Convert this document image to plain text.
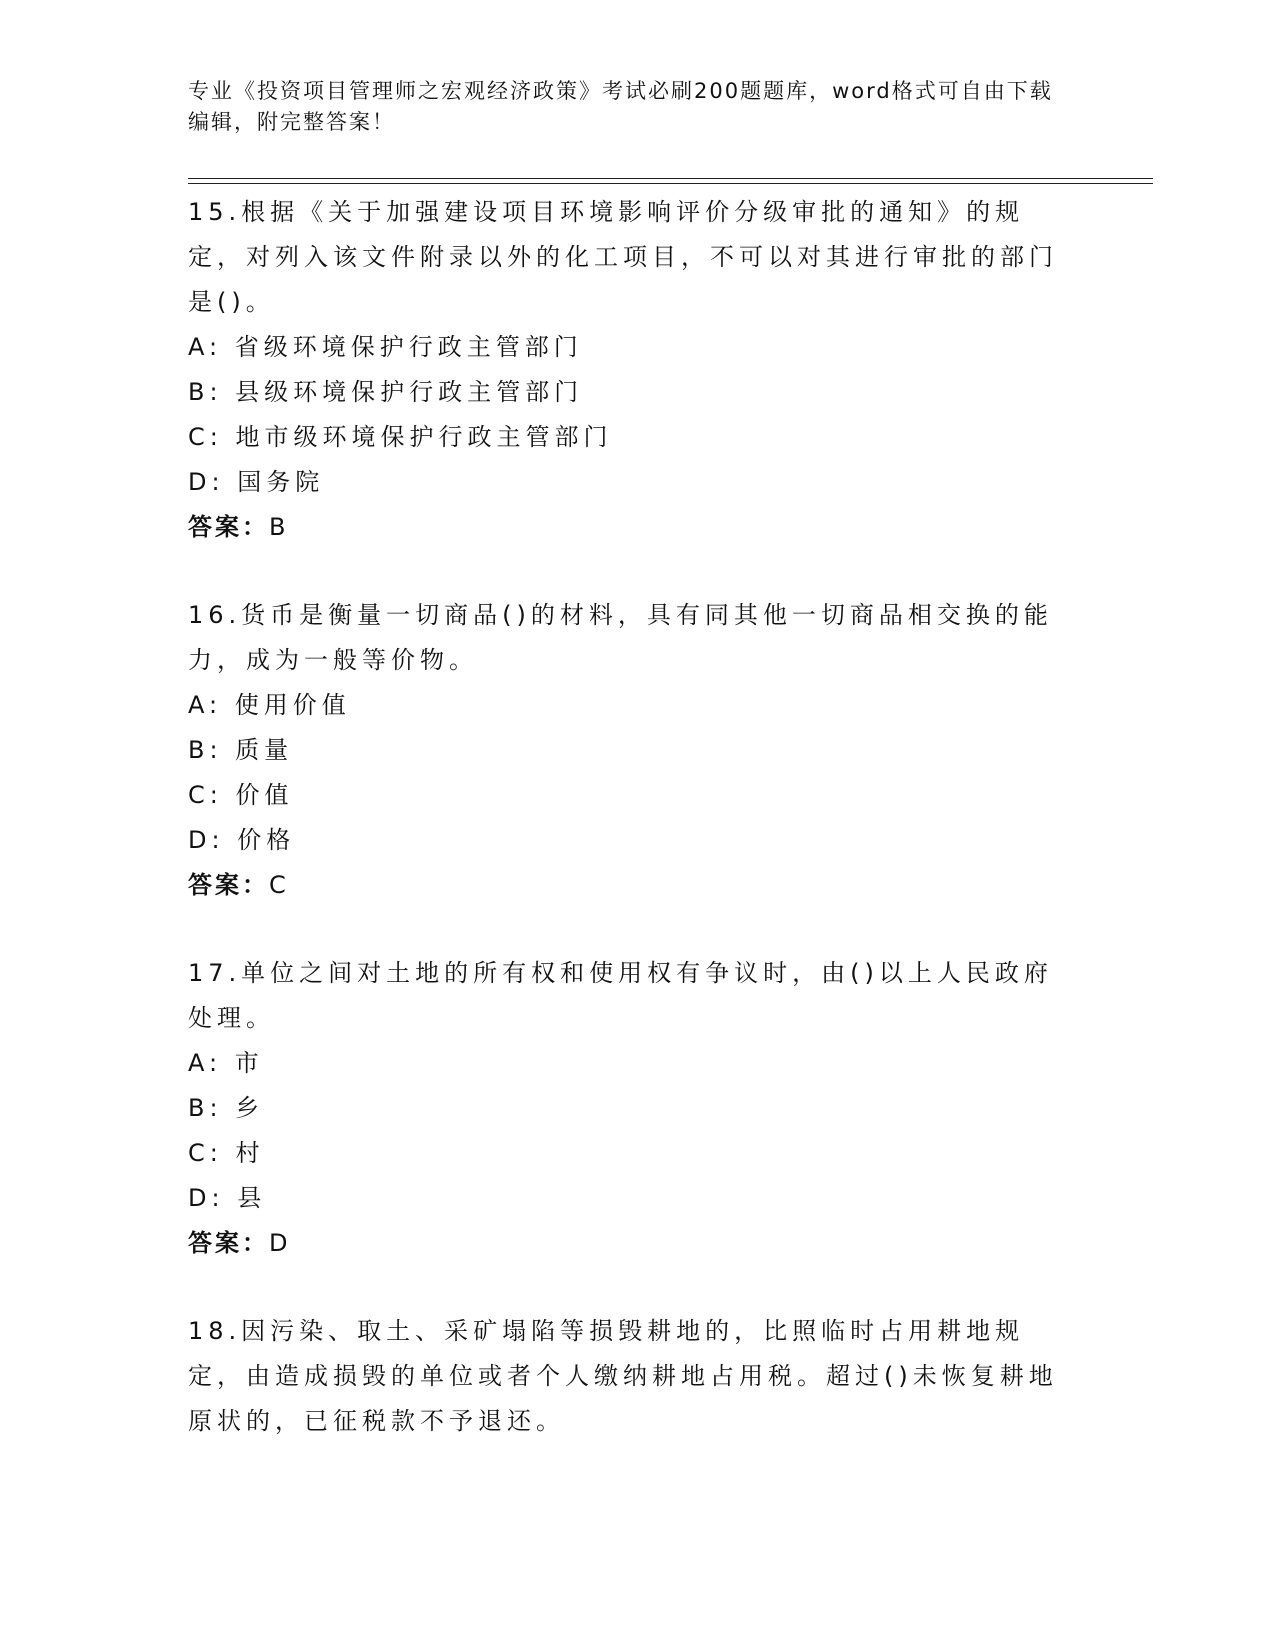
专业《投资项目管理师之宏观经济政策》考试必刷200题题库，word格式可自由下载编辑，附完整答案！

15.根据《关于加强建设项目环境影响评价分级审批的通知》的规定，对列入该文件附录以外的化工项目，不可以对其进行审批的部门是()。

A: 省级环境保护行政主管部门

B: 县级环境保护行政主管部门

C: 地市级环境保护行政主管部门

D: 国务院

答案：B

16.货币是衡量一切商品()的材料，具有同其他一切商品相交换的能力，成为一般等价物。

A: 使用价值

B: 质量

C: 价值

D: 价格

答案：C

17.单位之间对土地的所有权和使用权有争议时，由()以上人民政府处理。

A: 市

B: 乡

C: 村

D: 县

答案：D

18.因污染、取土、采矿塌陷等损毁耕地的，比照临时占用耕地规定，由造成损毁的单位或者个人缴纳耕地占用税。超过()未恢复耕地原状的，已征税款不予退还。
